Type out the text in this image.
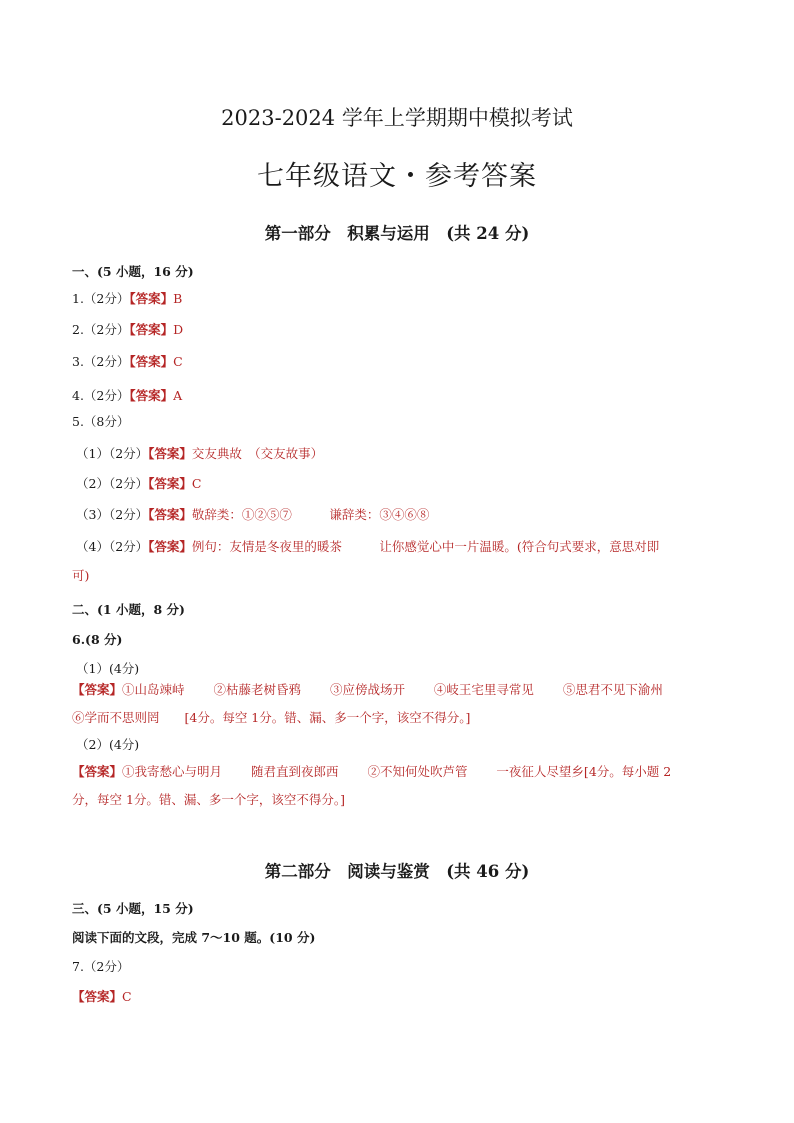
2023-2024 学年上学期期中模拟考试
七年级语文・参考答案
第一部分　积累与运用　(共 24 分)
一、(5 小题，16 分)
1.（2分）【答案】B
2.（2分）【答案】D
3.（2分）【答案】C
4.（2分）【答案】A
5.（8分）
（1）（2分）【答案】交友典故　（交友故事）
（2）（2分）【答案】C
（3）（2分）【答案】敬辞类：①②⑤⑦　　　谦辞类：③④⑥⑧
（4）（2分）【答案】例句：友情是冬夜里的暖茶　　　让你感觉心中一片温暖。(符合句式要求，意思对即
可)
二、(1 小题，8 分)
6.(8 分)
（1）(4分)
【答案】①山岛竦峙　　 ②枯藤老树昏鸦　　 ③应傍战场开　　 ④岐王宅里寻常见　　 ⑤思君不见下渝州
⑥学而不思则罔　　[4分。每空 1分。错、漏、多一个字，该空不得分。]
（2）(4分)
【答案】①我寄愁心与明月　　 随君直到夜郎西　　 ②不知何处吹芦管　　 一夜征人尽望乡[4分。每小题 2
分，每空 1分。错、漏、多一个字，该空不得分。]
第二部分　阅读与鉴赏　(共 46 分)
三、(5 小题，15 分)
阅读下面的文段，完成 7～10 题。(10 分)
7.（2分）
【答案】C
